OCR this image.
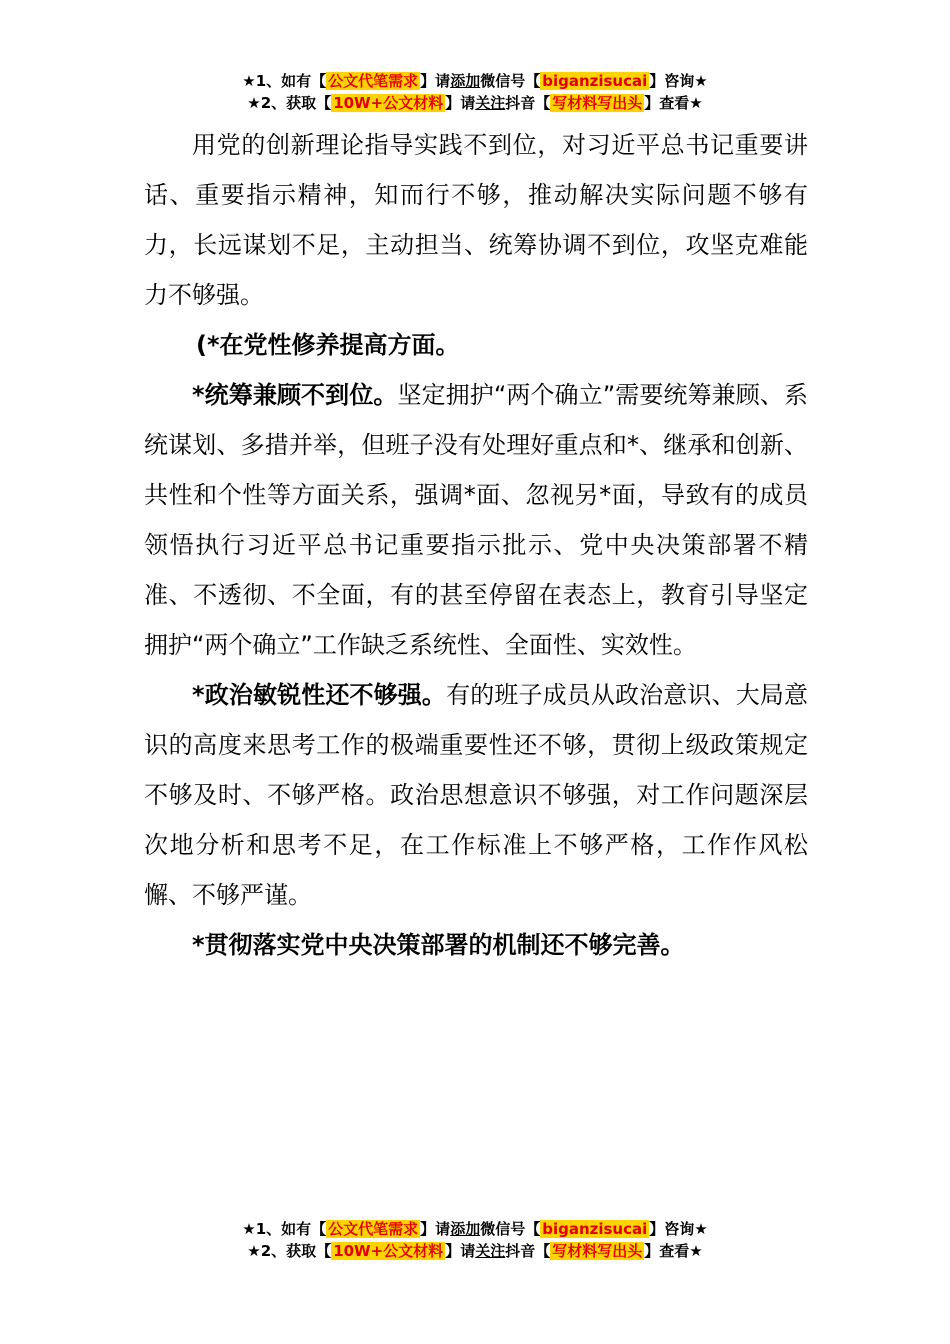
★1、如有【 公文代笔需求 】请添加微信号【 biganzisucai 】咨询★
★2、获取【 10W+公文材料 】请关注抖音【 写材料写出头 】查看★

用党的创新理论指导实践不到位，对习近平总书记重要讲话、重要指示精神，知而行不够，推动解决实际问题不够有力，长远谋划不足，主动担当、统筹协调不到位，攻坚克难能力不够强。

(*在党性修养提高方面。

*统筹兼顾不到位。坚定拥护“两个确立”需要统筹兼顾、系统谋划、多措并举，但班子没有处理好重点和*、继承和创新、共性和个性等方面关系，强调*面、忽视另*面，导致有的成员领悟执行习近平总书记重要指示批示、党中央决策部署不精准、不透彻、不全面，有的甚至停留在表态上，教育引导坚定拥护“两个确立”工作缺乏系统性、全面性、实效性。

*政治敏锐性还不够强。有的班子成员从政治意识、大局意识的高度来思考工作的极端重要性还不够，贯彻上级政策规定不够及时、不够严格。政治思想意识不够强，对工作问题深层次地分析和思考不足，在工作标准上不够严格，工作作风松懈、不够严谨。

*贯彻落实党中央决策部署的机制还不够完善。

★1、如有【 公文代笔需求 】请添加微信号【 biganzisucai 】咨询★
★2、获取【 10W+公文材料 】请关注抖音【 写材料写出头 】查看★
